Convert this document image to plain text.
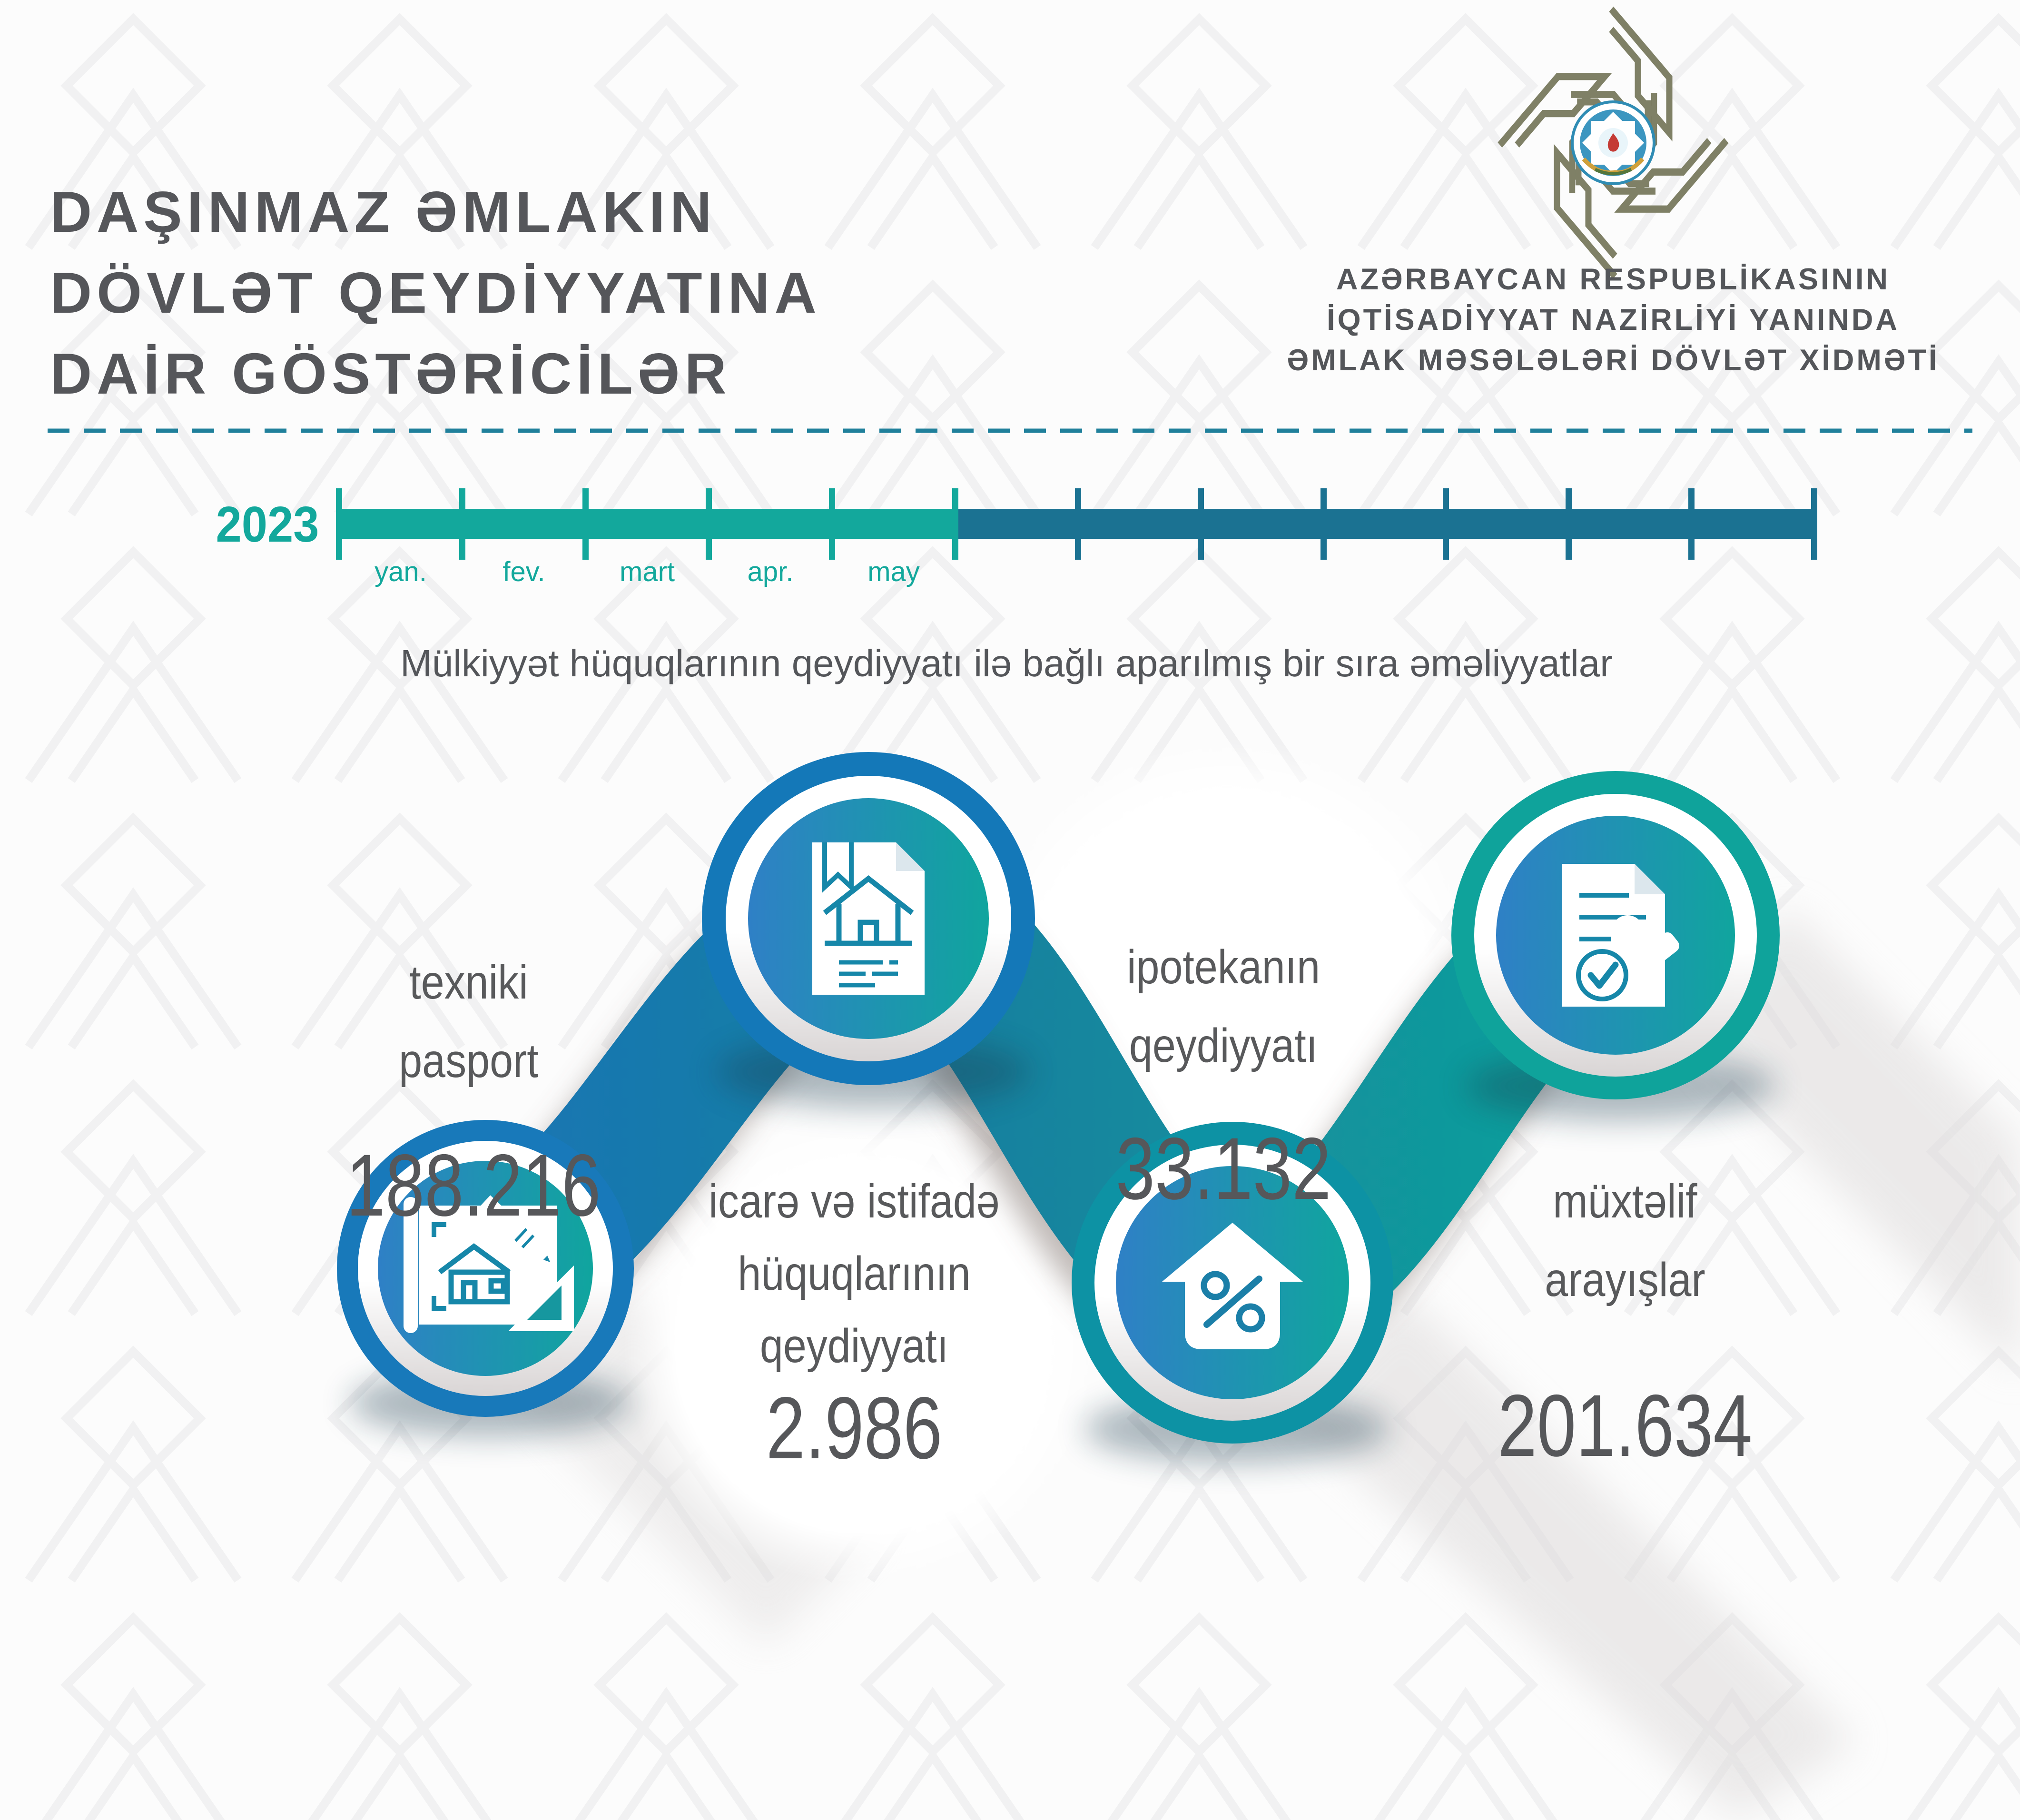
DAŞINMAZ ƏMLAKIN
DÖVLƏT QEYDİYYATINA
DAİR GÖSTƏRİCİLƏR
AZƏRBAYCAN RESPUBLİKASININ
İQTİSADİYYAT NAZİRLİYİ YANINDA
ƏMLAK MƏSƏLƏLƏRİ DÖVLƏT XİDMƏTİ
2023
yan.	fev.	mart	apr.	may
Mülkiyyət hüquqlarının qeydiyyatı ilə bağlı aparılmış bir sıra əməliyyatlar
texniki
pasport
188.216 icarə və istifadə
hüquqlarının
qeydiyyatı
2.986
ipotekanın
qeydiyyatı
33.132	müxtəlif
arayışlar
201.634
